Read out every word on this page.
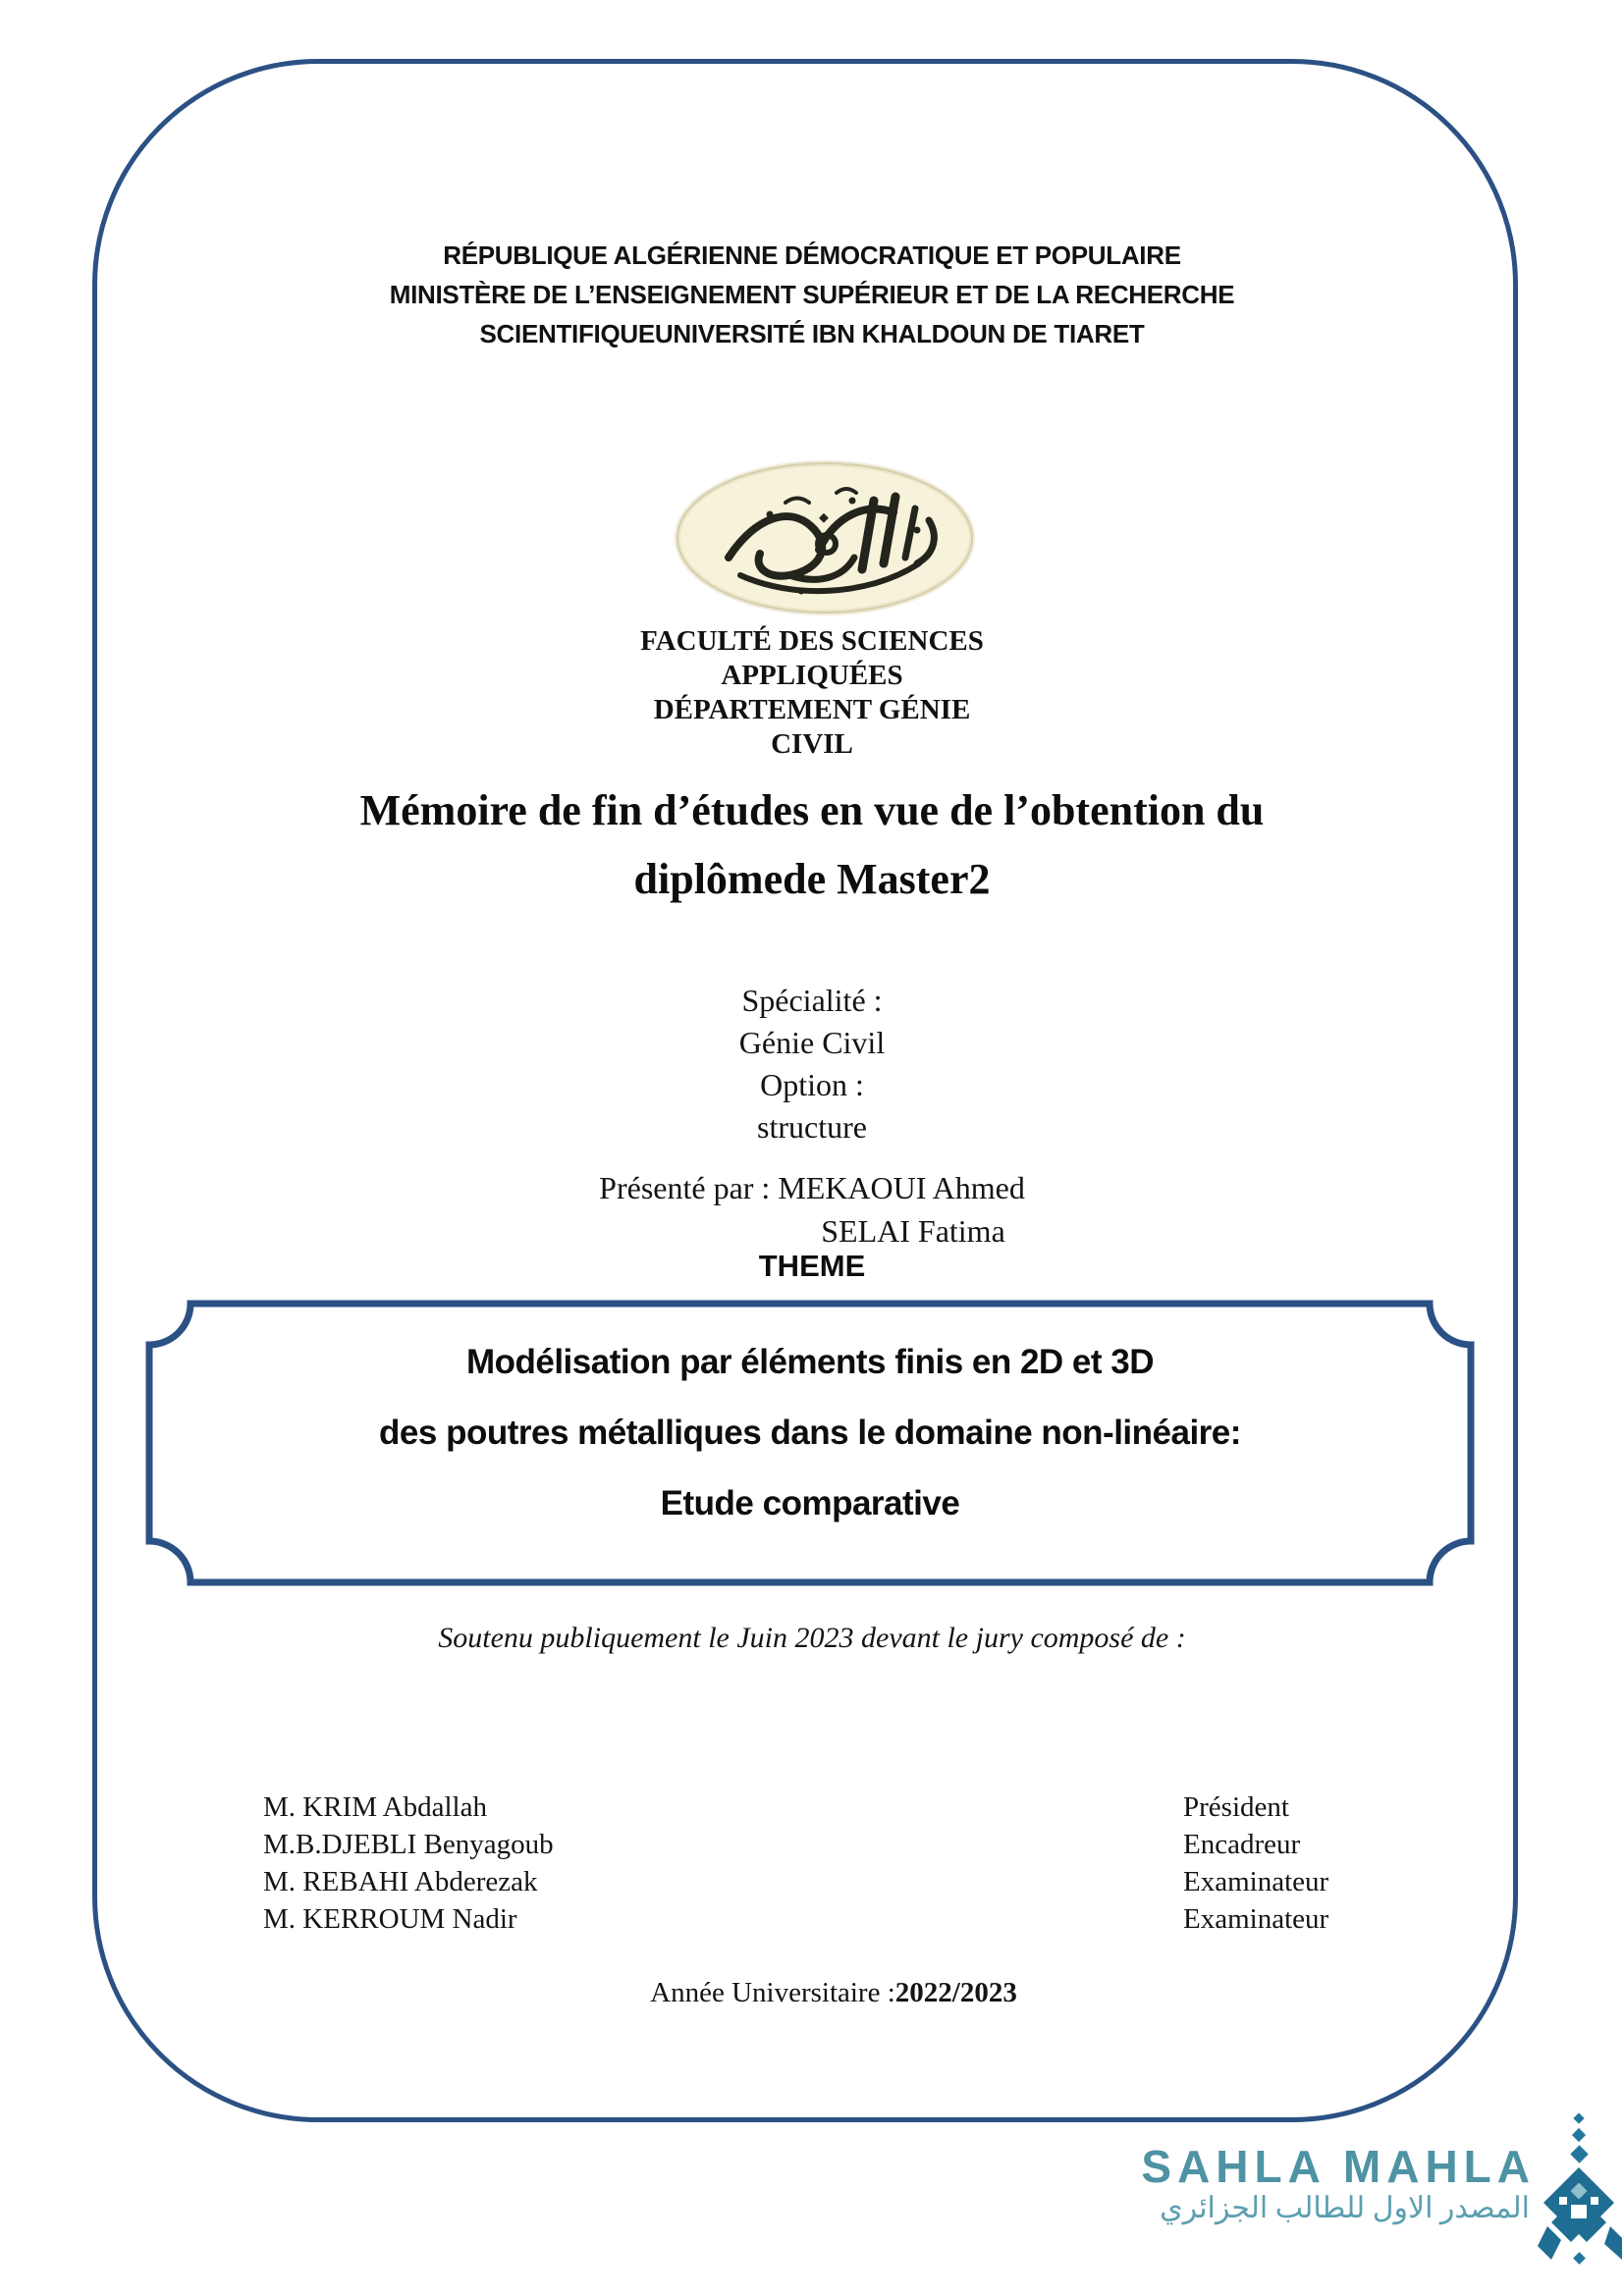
RÉPUBLIQUE ALGÉRIENNE DÉMOCRATIQUE ET POPULAIRE
MINISTÈRE DE L’ENSEIGNEMENT SUPÉRIEUR ET DE LA RECHERCHE
SCIENTIFIQUEUNIVERSITÉ IBN KHALDOUN DE TIARET
FACULTÉ DES SCIENCES
APPLIQUÉES
DÉPARTEMENT GÉNIE
CIVIL
Mémoire de fin d’études en vue de l’obtention du
diplômede Master2
Spécialité :
Génie Civil
Option :
structure
Présenté par : MEKAOUI Ahmed
SELAI Fatima
THEME
Modélisation par éléments finis en 2D et 3D
des poutres métalliques dans le domaine non-linéaire:
Etude comparative
Soutenu publiquement le Juin 2023 devant le jury composé de :
M. KRIM Abdallah	Président
M.B.DJEBLI Benyagoub	Encadreur
M. REBAHI Abderezak	Examinateur
M. KERROUM Nadir	Examinateur
Année Universitaire :2022/2023
SAHLA MAHLA
المصدر الاول للطالب الجزائري
